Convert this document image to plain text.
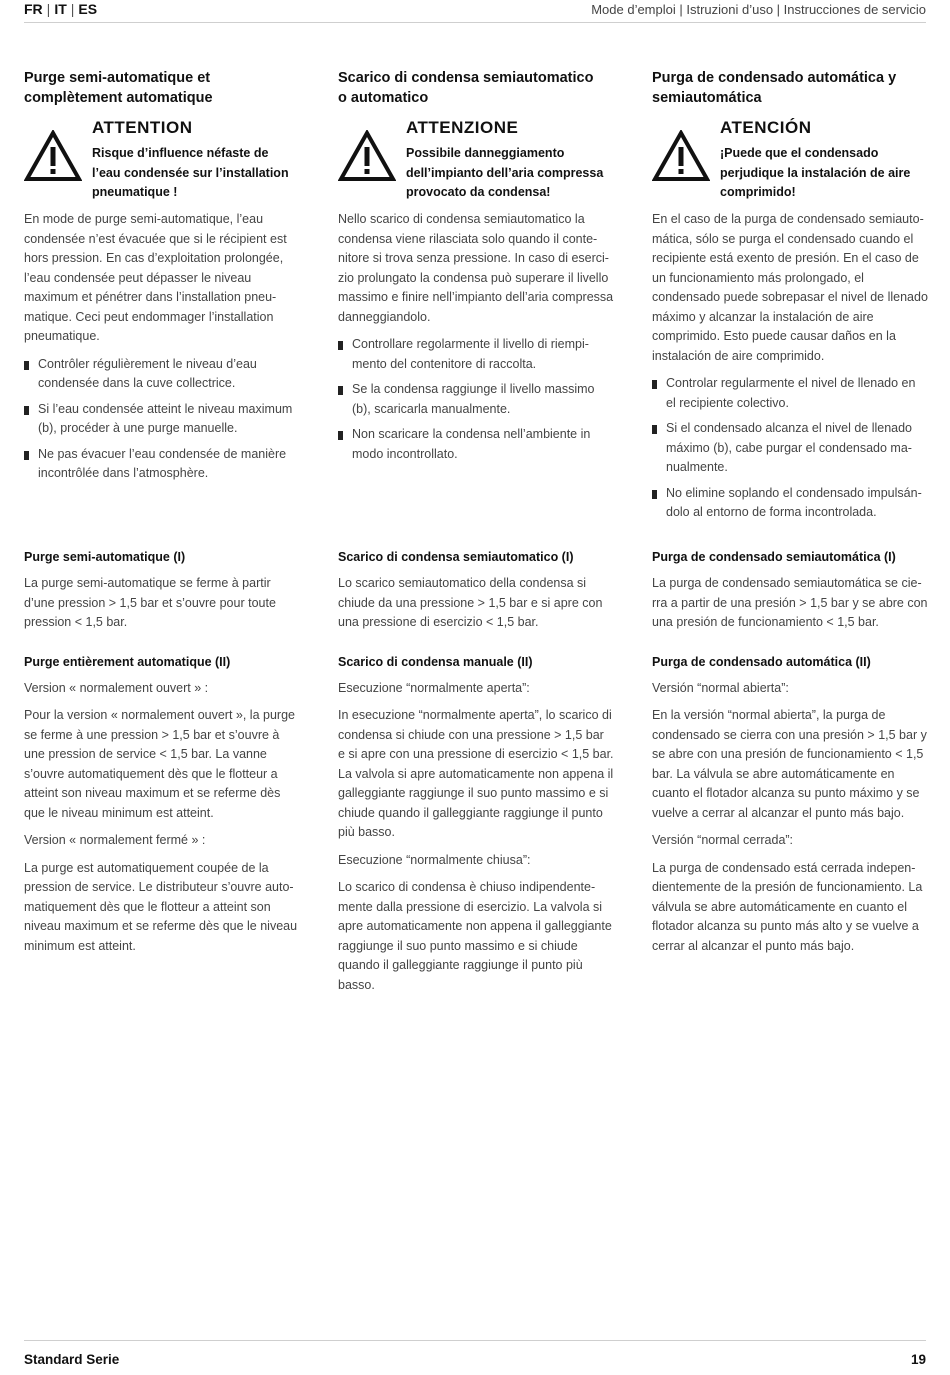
FR | IT | ES	Mode d’emploi | Istruzioni d’uso | Instrucciones de servicio

Purge semi-automatique et
complètement automatique

ATTENTION
Risque d’influence néfaste de l’eau condensée sur l’installation pneumatique !

En mode de purge semi-automatique, l’eau condensée n’est évacuée que si le récipient est hors pression. En cas d’exploitation prolongée, l’eau condensée peut dépasser le niveau maximum et pénétrer dans l’installation pneumatique. Ceci peut endommager l’installation pneumatique.

Contrôler régulièrement le niveau d’eau condensée dans la cuve collectrice.
Si l’eau condensée atteint le niveau maximum (b), procéder à une purge manuelle.
Ne pas évacuer l’eau condensée de manière incontrôlée dans l’atmosphère.

Scarico di condensa semiautomatico
o automatico

ATTENZIONE
Possibile danneggiamento dell’impianto dell’aria compressa provocato da condensa!

Nello scarico di condensa semiautomatico la condensa viene rilasciata solo quando il contenitore si trova senza pressione. In caso di esercizio prolungato la condensa può superare il livello massimo e finire nell’impianto dell’aria compressa danneggiandolo.

Controllare regolarmente il livello di riempimento del contenitore di raccolta.
Se la condensa raggiunge il livello massimo (b), scaricarla manualmente.
Non scaricare la condensa nell’ambiente in modo incontrollato.

Purga de condensado automática y
semiautomática

ATENCIÓN
¡Puede que el condensado perjudique la instalación de aire comprimido!

En el caso de la purga de condensado semiautomática, sólo se purga el condensado cuando el recipiente está exento de presión. En el caso de un funcionamiento más prolongado, el condensado puede sobrepasar el nivel de llenado máximo y alcanzar la instalación de aire comprimido. Esto puede causar daños en la instalación de aire comprimido.

Controlar regularmente el nivel de llenado en el recipiente colectivo.
Si el condensado alcanza el nivel de llenado máximo (b), cabe purgar el condensado manualmente.
No elimine soplando el condensado impulsándolo al entorno de forma incontrolada.

Purge semi-automatique (I)

La purge semi-automatique se ferme à partir d’une pression > 1,5 bar et s’ouvre pour toute pression < 1,5 bar.

Purge entièrement automatique (II)

Version « normalement ouvert » :

Pour la version « normalement ouvert », la purge se ferme à une pression > 1,5 bar et s’ouvre à une pression de service < 1,5 bar. La vanne s’ouvre automatiquement dès que le flotteur a atteint son niveau maximum et se referme dès que le niveau minimum est atteint.

Version « normalement fermé » :

La purge est automatiquement coupée de la pression de service. Le distributeur s’ouvre automatiquement dès que le flotteur a atteint son niveau maximum et se referme dès que le niveau minimum est atteint.

Scarico di condensa semiautomatico (I)

Lo scarico semiautomatico della condensa si chiude da una pressione > 1,5 bar e si apre con una pressione di esercizio < 1,5 bar.

Scarico di condensa manuale (II)

Esecuzione “normalmente aperta”:

In esecuzione “normalmente aperta”, lo scarico di condensa si chiude con una pressione > 1,5 bar e si apre con una pressione di esercizio < 1,5 bar. La valvola si apre automaticamente non appena il galleggiante raggiunge il suo punto massimo e si chiude quando il galleggiante raggiunge il punto più basso.

Esecuzione “normalmente chiusa”:

Lo scarico di condensa è chiuso indipendentemente dalla pressione di esercizio. La valvola si apre automaticamente non appena il galleggiante raggiunge il suo punto massimo e si chiude quando il galleggiante raggiunge il punto più basso.

Purga de condensado semiautomática (I)

La purga de condensado semiautomática se cierra a partir de una presión > 1,5 bar y se abre con una presión de funcionamiento < 1,5 bar.

Purga de condensado automática (II)

Versión “normal abierta”:

En la versión “normal abierta”, la purga de condensado se cierra con una presión > 1,5 bar y se abre con una presión de funcionamiento < 1,5 bar. La válvula se abre automáticamente en cuanto el flotador alcanza su punto máximo y se vuelve a cerrar al alcanzar el punto más bajo.

Versión “normal cerrada”:

La purga de condensado está cerrada independientemente de la presión de funcionamiento. La válvula se abre automáticamente en cuanto el flotador alcanza su punto más alto y se vuelve a cerrar al alcanzar el punto más bajo.

Standard Serie	19
